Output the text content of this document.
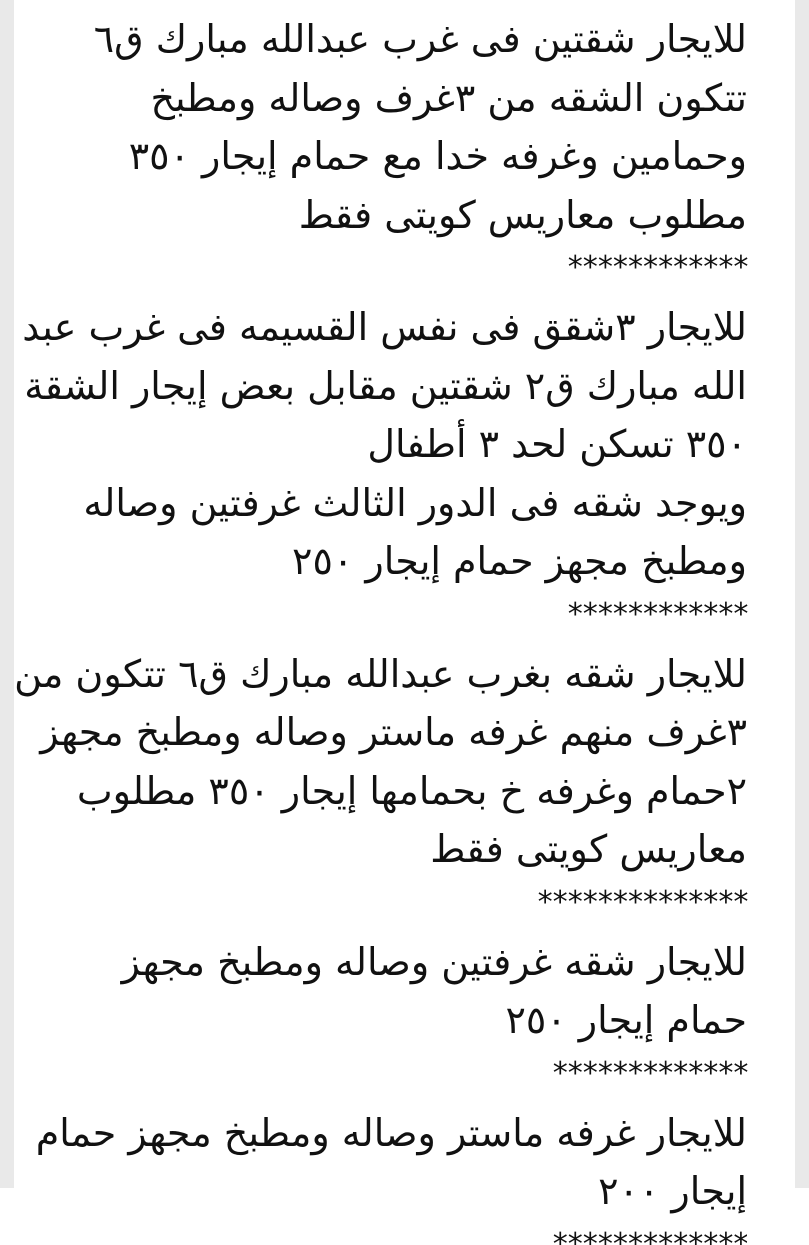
للايجار شقتين فى غرب عبدالله مبارك ق٦
تتكون الشقه من ٣غرف وصاله ومطبخ
وحمامين وغرفه خدا مع حمام إيجار ٣٥٠
مطلوب معاريس كويتى فقط
************
للايجار ٣شقق فى نفس القسيمه فى غرب عبد
الله مبارك ق٢ شقتين مقابل بعض إيجار الشقة
٣٥٠ تسكن لحد ٣ أطفال
ويوجد شقه فى الدور الثالث غرفتين وصاله
ومطبخ مجهز حمام إيجار ٢٥٠
************
للايجار شقه بغرب عبدالله مبارك ق٦ تتكون من
٣غرف منهم غرفه ماستر وصاله ومطبخ مجهز
٢حمام وغرفه خ بحمامها إيجار ٣٥٠ مطلوب
معاريس كويتى فقط
**************
للايجار شقه غرفتين وصاله ومطبخ مجهز
حمام إيجار ٢٥٠
*************
للايجار غرفه ماستر وصاله ومطبخ مجهز حمام
إيجار ٢٠٠
*************
